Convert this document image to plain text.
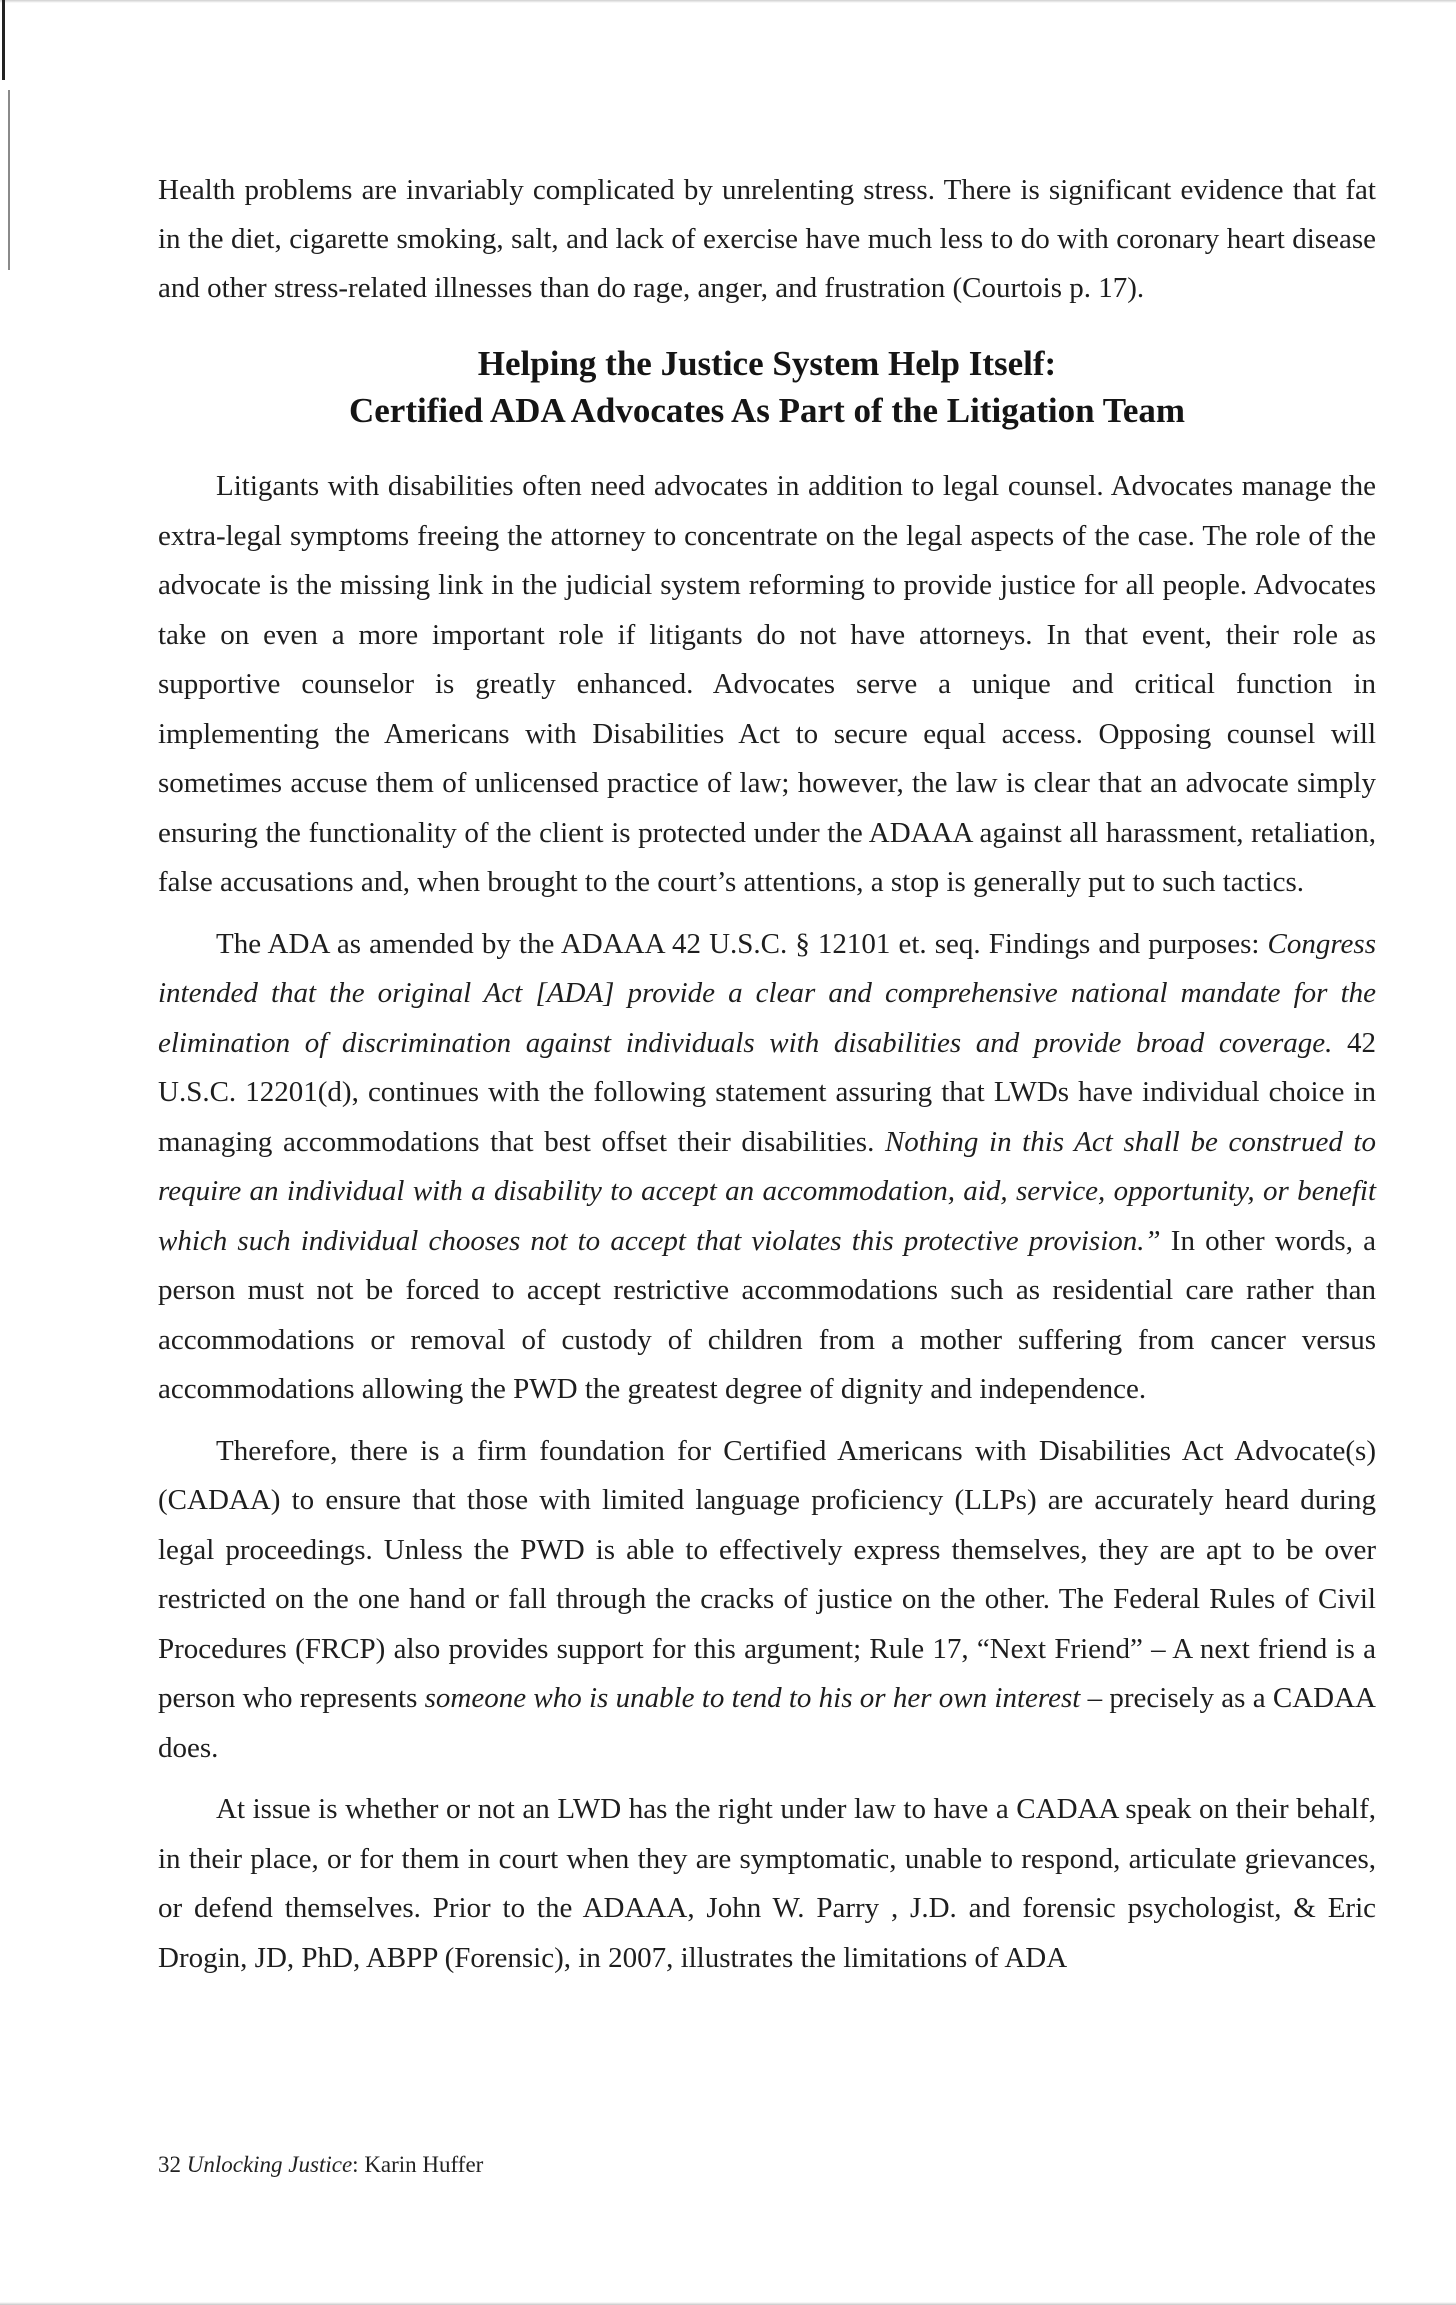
Health problems are invariably complicated by unrelenting stress. There is significant evidence that fat in the diet, cigarette smoking, salt, and lack of exercise have much less to do with coronary heart disease and other stress-related illnesses than do rage, anger, and frustration (Courtois p. 17).

Helping the Justice System Help Itself:
Certified ADA Advocates As Part of the Litigation Team

Litigants with disabilities often need advocates in addition to legal counsel. Advocates manage the extra-legal symptoms freeing the attorney to concentrate on the legal aspects of the case. The role of the advocate is the missing link in the judicial system reforming to provide justice for all people. Advocates take on even a more important role if litigants do not have attorneys. In that event, their role as supportive counselor is greatly enhanced. Advocates serve a unique and critical function in implementing the Americans with Disabilities Act to secure equal access. Opposing counsel will sometimes accuse them of unlicensed practice of law; however, the law is clear that an advocate simply ensuring the functionality of the client is protected under the ADAAA against all harassment, retaliation, false accusations and, when brought to the court’s attentions, a stop is generally put to such tactics.

The ADA as amended by the ADAAA 42 U.S.C. § 12101 et. seq. Findings and purposes: Congress intended that the original Act [ADA] provide a clear and comprehensive national mandate for the elimination of discrimination against individuals with disabilities and provide broad coverage. 42 U.S.C. 12201(d), continues with the following statement assuring that LWDs have individual choice in managing accommodations that best offset their disabilities. Nothing in this Act shall be construed to require an individual with a disability to accept an accommodation, aid, service, opportunity, or benefit which such individual chooses not to accept that violates this protective provision.” In other words, a person must not be forced to accept restrictive accommodations such as residential care rather than accommodations or removal of custody of children from a mother suffering from cancer versus accommodations allowing the PWD the greatest degree of dignity and independence.

Therefore, there is a firm foundation for Certified Americans with Disabilities Act Advocate(s) (CADAA) to ensure that those with limited language proficiency (LLPs) are accurately heard during legal proceedings. Unless the PWD is able to effectively express themselves, they are apt to be over restricted on the one hand or fall through the cracks of justice on the other. The Federal Rules of Civil Procedures (FRCP) also provides support for this argument; Rule 17, “Next Friend” – A next friend is a person who represents someone who is unable to tend to his or her own interest – precisely as a CADAA does.

At issue is whether or not an LWD has the right under law to have a CADAA speak on their behalf, in their place, or for them in court when they are symptomatic, unable to respond, articulate grievances, or defend themselves. Prior to the ADAAA, John W. Parry , J.D. and forensic psychologist, & Eric Drogin, JD, PhD, ABPP (Forensic), in 2007, illustrates the limitations of ADA

32 Unlocking Justice: Karin Huffer
